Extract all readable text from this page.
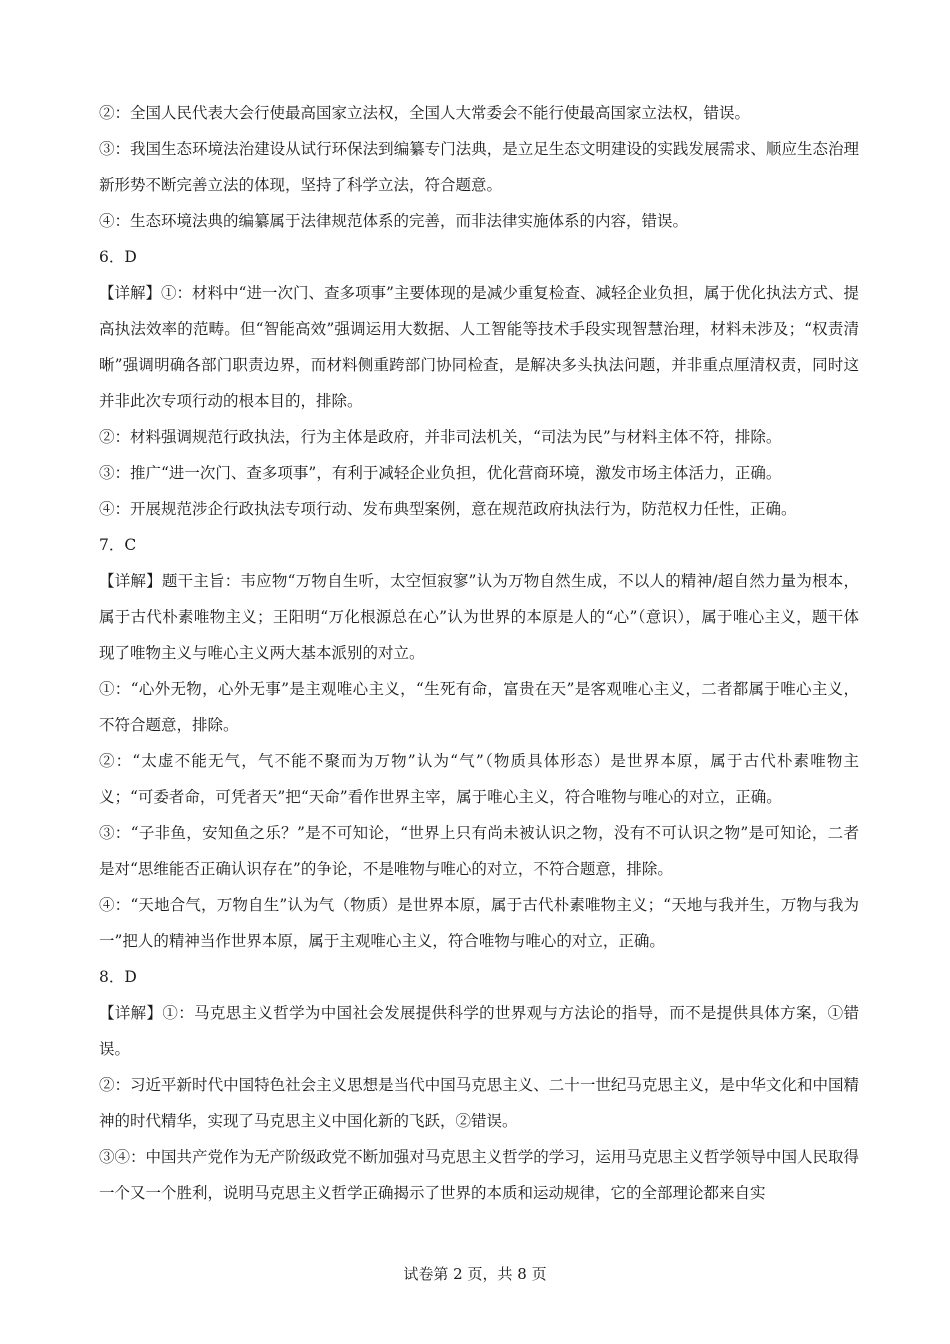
②：全国人民代表大会行使最高国家立法权，全国人大常委会不能行使最高国家立法权，错误。

③：我国生态环境法治建设从试行环保法到编纂专门法典，是立足生态文明建设的实践发展需求、顺应生态治理新形势不断完善立法的体现，坚持了科学立法，符合题意。

④：生态环境法典的编纂属于法律规范体系的完善，而非法律实施体系的内容，错误。

6．D

【详解】①：材料中“进一次门、查多项事”主要体现的是减少重复检查、减轻企业负担，属于优化执法方式、提高执法效率的范畴。但“智能高效”强调运用大数据、人工智能等技术手段实现智慧治理，材料未涉及；“权责清晰”强调明确各部门职责边界，而材料侧重跨部门协同检查，是解决多头执法问题，并非重点厘清权责，同时这并非此次专项行动的根本目的，排除。

②：材料强调规范行政执法，行为主体是政府，并非司法机关，“司法为民”与材料主体不符，排除。

③：推广“进一次门、查多项事”，有利于减轻企业负担，优化营商环境，激发市场主体活力，正确。

④：开展规范涉企行政执法专项行动、发布典型案例，意在规范政府执法行为，防范权力任性，正确。

7．C

【详解】题干主旨：韦应物“万物自生听，太空恒寂寥”认为万物自然生成，不以人的精神/超自然力量为根本，属于古代朴素唯物主义；王阳明“万化根源总在心”认为世界的本原是人的“心”（意识），属于唯心主义，题干体现了唯物主义与唯心主义两大基本派别的对立。

①：“心外无物，心外无事”是主观唯心主义，“生死有命，富贵在天”是客观唯心主义，二者都属于唯心主义，不符合题意，排除。

②：“太虚不能无气，气不能不聚而为万物”认为“气”（物质具体形态）是世界本原，属于古代朴素唯物主义；“可委者命，可凭者天”把“天命”看作世界主宰，属于唯心主义，符合唯物与唯心的对立，正确。

③：“子非鱼，安知鱼之乐？”是不可知论，“世界上只有尚未被认识之物，没有不可认识之物”是可知论，二者是对“思维能否正确认识存在”的争论，不是唯物与唯心的对立，不符合题意，排除。

④：“天地合气，万物自生”认为气（物质）是世界本原，属于古代朴素唯物主义；“天地与我并生，万物与我为一”把人的精神当作世界本原，属于主观唯心主义，符合唯物与唯心的对立，正确。

8．D

【详解】①：马克思主义哲学为中国社会发展提供科学的世界观与方法论的指导，而不是提供具体方案，①错误。

②：习近平新时代中国特色社会主义思想是当代中国马克思主义、二十一世纪马克思主义，是中华文化和中国精神的时代精华，实现了马克思主义中国化新的飞跃，②错误。

③④：中国共产党作为无产阶级政党不断加强对马克思主义哲学的学习，运用马克思主义哲学领导中国人民取得一个又一个胜利，说明马克思主义哲学正确揭示了世界的本质和运动规律，它的全部理论都来自实

试卷第 2 页，共 8 页
